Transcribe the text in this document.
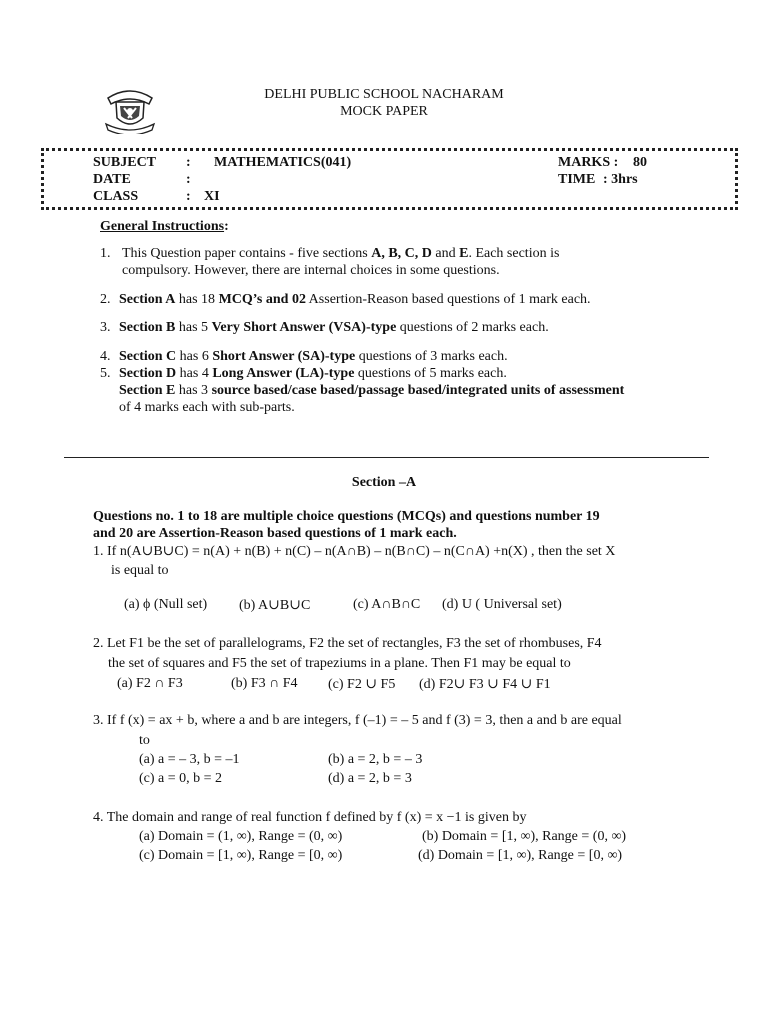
DELHI PUBLIC SCHOOL NACHARAM
MOCK PAPER
SUBJECT : MATHEMATICS(041)
DATE	:
CLASS	: XI
MARKS : 80
TIME : 3hrs
General Instructions:
1. This Question paper contains - five sections A, B, C, D and E. Each section is
compulsory. However, there are internal choices in some questions.
2. Section A has 18 MCQ’s and 02 Assertion-Reason based questions of 1 mark each.
3. Section B has 5 Very Short Answer (VSA)-type questions of 2 marks each.
4. Section C has 6 Short Answer (SA)-type questions of 3 marks each.
5. Section D has 4 Long Answer (LA)-type questions of 5 marks each.
Section E has 3 source based/case based/passage based/integrated units of assessment
of 4 marks each with sub-parts.
Section –A
Questions no. 1 to 18 are multiple choice questions (MCQs) and questions number 19
and 20 are Assertion-Reason based questions of 1 mark each.
1. If n(A∪B∪C) = n(A) + n(B) + n(C) – n(A∩B) – n(B∩C) – n(C∩A) +n(X) , then the set X
is equal to
(a) ϕ (Null set) (b) A∪B∪C	(c) A∩B∩C (d) U ( Universal set)
2. Let F1 be the set of parallelograms, F2 the set of rectangles, F3 the set of rhombuses, F4
the set of squares and F5 the set of trapeziums in a plane. Then F1 may be equal to
(a) F2 ∩ F3	(b) F3 ∩ F4 (c) F2 ∪ F5 (d) F2∪ F3 ∪ F4 ∪ F1
3. If f (x) = ax + b, where a and b are integers, f (–1) = – 5 and f (3) = 3, then a and b are equal
to
(a) a = – 3, b = –1	(b) a = 2, b = – 3
(c) a = 0, b = 2	(d) a = 2, b = 3
4. The domain and range of real function f defined by f (x) = x −1 is given by
(a) Domain = (1, ∞), Range = (0, ∞)	(b) Domain = [1, ∞), Range = (0, ∞)
(c) Domain = [1, ∞), Range = [0, ∞)	(d) Domain = [1, ∞), Range = [0, ∞)
